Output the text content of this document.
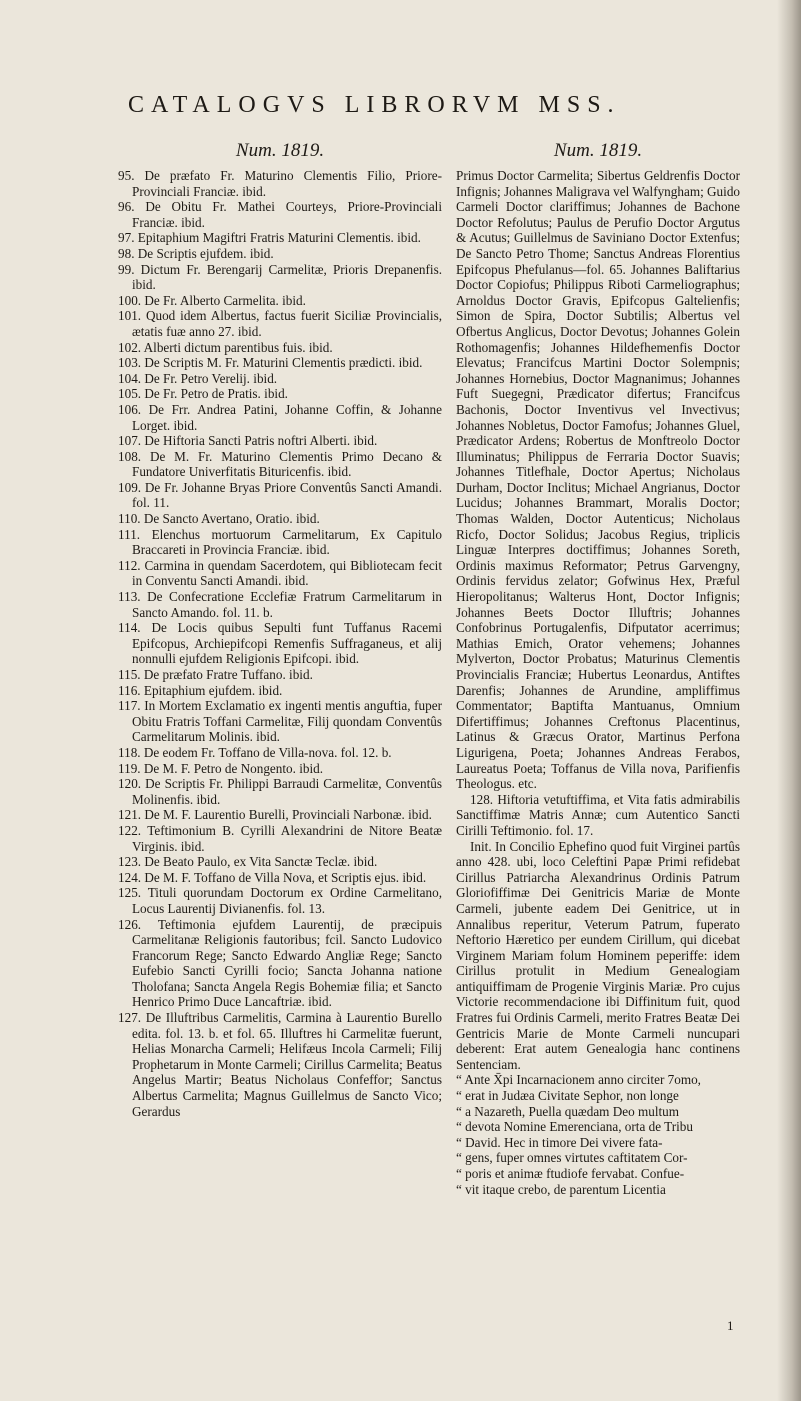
CATALOGVS LIBRORVM MSS.
Num. 1819.

95. De præfato Fr. Maturino Clementis Filio, Priore-Provinciali Franciæ. ibid.

96. De Obitu Fr. Mathei Courteys, Priore-Provinciali Franciæ. ibid.

97. Epitaphium Magiftri Fratris Maturini Clementis. ibid.

98. De Scriptis ejufdem. ibid.

99. Dictum Fr. Berengarij Carmelitæ, Prioris Drepanenfis. ibid.

100. De Fr. Alberto Carmelita. ibid.

101. Quod idem Albertus, factus fuerit Siciliæ Provincialis, ætatis fuæ anno 27. ibid.

102. Alberti dictum parentibus fuis. ibid.

103. De Scriptis M. Fr. Maturini Clementis prædicti. ibid.

104. De Fr. Petro Verelij. ibid.

105. De Fr. Petro de Pratis. ibid.

106. De Frr. Andrea Patini, Johanne Coffin, & Johanne Lorget. ibid.

107. De Hiftoria Sancti Patris noftri Alberti. ibid.

108. De M. Fr. Maturino Clementis Primo Decano & Fundatore Univerfitatis Bituricenfis. ibid.

109. De Fr. Johanne Bryas Priore Conventûs Sancti Amandi. fol. 11.

110. De Sancto Avertano, Oratio. ibid.

111. Elenchus mortuorum Carmelitarum, Ex Capitulo Braccareti in Provincia Franciæ. ibid.

112. Carmina in quendam Sacerdotem, qui Bibliotecam fecit in Conventu Sancti Amandi. ibid.

113. De Confecratione Ecclefiæ Fratrum Carmelitarum in Sancto Amando. fol. 11. b.

114. De Locis quibus Sepulti funt Tuffanus Racemi Epifcopus, Archiepifcopi Remenfis Suffraganeus, et alij nonnulli ejufdem Religionis Epifcopi. ibid.

115. De præfato Fratre Tuffano. ibid.

116. Epitaphium ejufdem. ibid.

117. In Mortem Exclamatio ex ingenti mentis anguftia, fuper Obitu Fratris Toffani Carmelitæ, Filij quondam Conventûs Carmelitarum Molinis. ibid.

118. De eodem Fr. Toffano de Villa-nova. fol. 12. b.

119. De M. F. Petro de Nongento. ibid.

120. De Scriptis Fr. Philippi Barraudi Carmelitæ, Conventûs Molinenfis. ibid.

121. De M. F. Laurentio Burelli, Provinciali Narbonæ. ibid.

122. Teftimonium B. Cyrilli Alexandrini de Nitore Beatæ Virginis. ibid.

123. De Beato Paulo, ex Vita Sanctæ Teclæ. ibid.

124. De M. F. Toffano de Villa Nova, et Scriptis ejus. ibid.

125. Tituli quorundam Doctorum ex Ordine Carmelitano, Locus Laurentij Divianenfis. fol. 13.

126. Teftimonia ejufdem Laurentij, de præcipuis Carmelitanæ Religionis fautoribus; fcil. Sancto Ludovico Francorum Rege; Sancto Edwardo Angliæ Rege; Sancto Eufebio Sancti Cyrilli focio; Sancta Johanna natione Tholofana; Sancta Angela Regis Bohemiæ filia; et Sancto Henrico Primo Duce Lancaftriæ. ibid.

127. De Illuftribus Carmelitis, Carmina à Laurentio Burello edita. fol. 13. b. et fol. 65. Illuftres hi Carmelitæ fuerunt, Helias Monarcha Carmeli; Helifæus Incola Carmeli; Filij Prophetarum in Monte Carmeli; Cirillus Carmelita; Beatus Angelus Martir; Beatus Nicholaus Confeffor; Sanctus Albertus Carmelita; Magnus Guillelmus de Sancto Vico; Gerardus

Num. 1819.

Primus Doctor Carmelita; Sibertus Geldrenfis Doctor Infignis; Johannes Maligrava vel Walfyngham; Guido Carmeli Doctor clariffimus; Johannes de Bachone Doctor Refolutus; Paulus de Perufio Doctor Argutus & Acutus; Guillelmus de Saviniano Doctor Extenfus; De Sancto Petro Thome; Sanctus Andreas Florentius Epifcopus Phefulanus—fol. 65. Johannes Baliftarius Doctor Copiofus; Philippus Riboti Carmeliographus; Arnoldus Doctor Gravis, Epifcopus Galtelienfis; Simon de Spira, Doctor Subtilis; Albertus vel Ofbertus Anglicus, Doctor Devotus; Johannes Golein Rothomagenfis; Johannes Hildefhemenfis Doctor Elevatus; Francifcus Martini Doctor Solempnis; Johannes Hornebius, Doctor Magnanimus; Johannes Fuft Suegegni, Prædicator difertus; Francifcus Bachonis, Doctor Inventivus vel Invectivus; Johannes Nobletus, Doctor Famofus; Johannes Gluel, Prædicator Ardens; Robertus de Monftreolo Doctor Illuminatus; Philippus de Ferraria Doctor Suavis; Johannes Titlefhale, Doctor Apertus; Nicholaus Durham, Doctor Inclitus; Michael Angrianus, Doctor Lucidus; Johannes Brammart, Moralis Doctor; Thomas Walden, Doctor Autenticus; Nicholaus Ricfo, Doctor Solidus; Jacobus Regius, triplicis Linguæ Interpres doctiffimus; Johannes Soreth, Ordinis maximus Reformator; Petrus Garvengny, Ordinis fervidus zelator; Gofwinus Hex, Præful Hieropolitanus; Walterus Hont, Doctor Infignis; Johannes Beets Doctor Illuftris; Johannes Confobrinus Portugalenfis, Difputator acerrimus; Mathias Emich, Orator vehemens; Johannes Mylverton, Doctor Probatus; Maturinus Clementis Provincialis Franciæ; Hubertus Leonardus, Antiftes Darenfis; Johannes de Arundine, ampliffimus Commentator; Baptifta Mantuanus, Omnium Difertiffimus; Johannes Creftonus Placentinus, Latinus & Græcus Orator, Martinus Perfona Ligurigena, Poeta; Johannes Andreas Ferabos, Laureatus Poeta; Toffanus de Villa nova, Parifienfis Theologus. etc.

128. Hiftoria vetuftiffima, et Vita fatis admirabilis Sanctiffimæ Matris Annæ; cum Autentico Sancti Cirilli Teftimonio. fol. 17.

Init. In Concilio Ephefino quod fuit Virginei partûs anno 428. ubi, loco Celeftini Papæ Primi refidebat Cirillus Patriarcha Alexandrinus Ordinis Patrum Gloriofiffimæ Dei Genitricis Mariæ de Monte Carmeli, jubente eadem Dei Genitrice, ut in Annalibus reperitur, Veterum Patrum, fuperato Neftorio Hæretico per eundem Cirillum, qui dicebat Virginem Mariam folum Hominem peperiffe: idem Cirillus protulit in Medium Genealogiam antiquiffimam de Progenie Virginis Mariæ. Pro cujus Victorie recommendacione ibi Diffinitum fuit, quod Fratres fui Ordinis Carmeli, merito Fratres Beatæ Dei Gentricis Marie de Monte Carmeli nuncupari deberent: Erat autem Genealogia hanc continens Sentenciam.

“ Ante X̄pi Incarnacionem anno circiter 7omo,

“ erat in Judæa Civitate Sephor, non longe

“ a Nazareth, Puella quædam Deo multum

“ devota Nomine Emerenciana, orta de Tribu

“ David. Hec in timore Dei vivere fata-

“ gens, fuper omnes virtutes caftitatem Cor-

“ poris et animæ ftudiofe fervabat. Confue-

“ vit itaque crebo, de parentum Licentia

1
